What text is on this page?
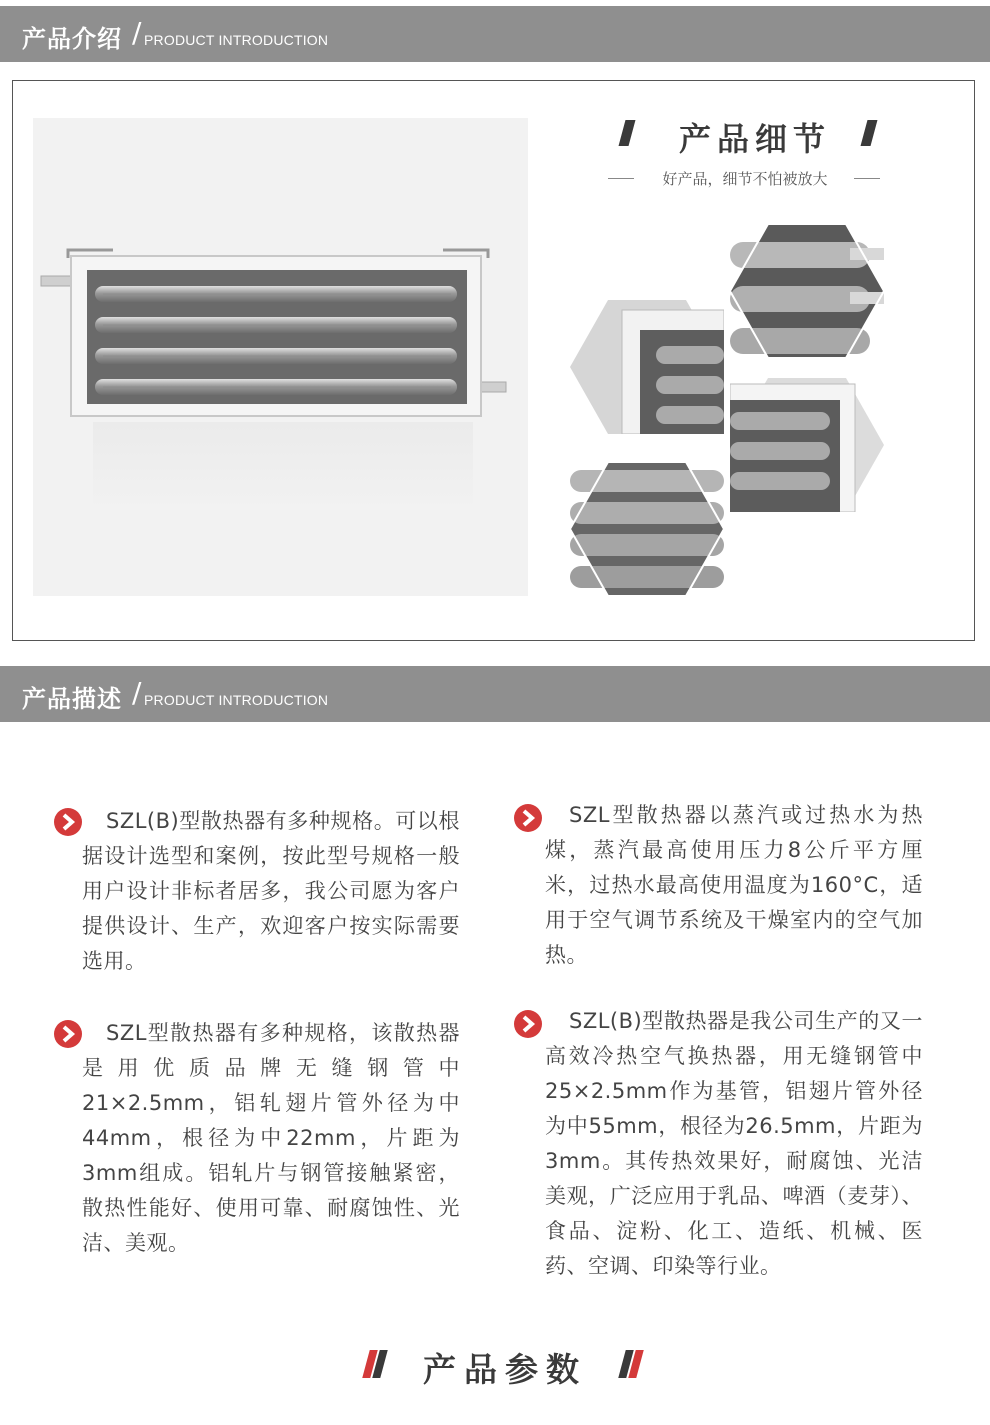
产品介绍 / PRODUCT INTRODUCTION
产品细节
好产品，细节不怕被放大
产品描述 / PRODUCT INTRODUCTION

SZL(B)型散热器有多种规格。可以根据设计选型和案例，按此型号规格一般用户设计非标者居多，我公司愿为客户提供设计、生产，欢迎客户按实际需要选用。

SZL型散热器有多种规格，该散热器是用优质品牌无缝钢管中21×2.5mm，铝轧翅片管外径为中44mm，根径为中22mm，片距为3mm组成。铝轧片与钢管接触紧密，散热性能好、使用可靠、耐腐蚀性、光洁、美观。

SZL型散热器以蒸汽或过热水为热煤，蒸汽最高使用压力8公斤平方厘米，过热水最高使用温度为160°C，适用于空气调节系统及干燥室内的空气加热。

SZL(B)型散热器是我公司生产的又一高效冷热空气换热器，用无缝钢管中25×2.5mm作为基管，铝翅片管外径为中55mm，根径为26.5mm，片距为3mm。其传热效果好，耐腐蚀、光洁美观，广泛应用于乳品、啤酒（麦芽）、食品、淀粉、化工、造纸、机械、医药、空调、印染等行业。

产品参数
